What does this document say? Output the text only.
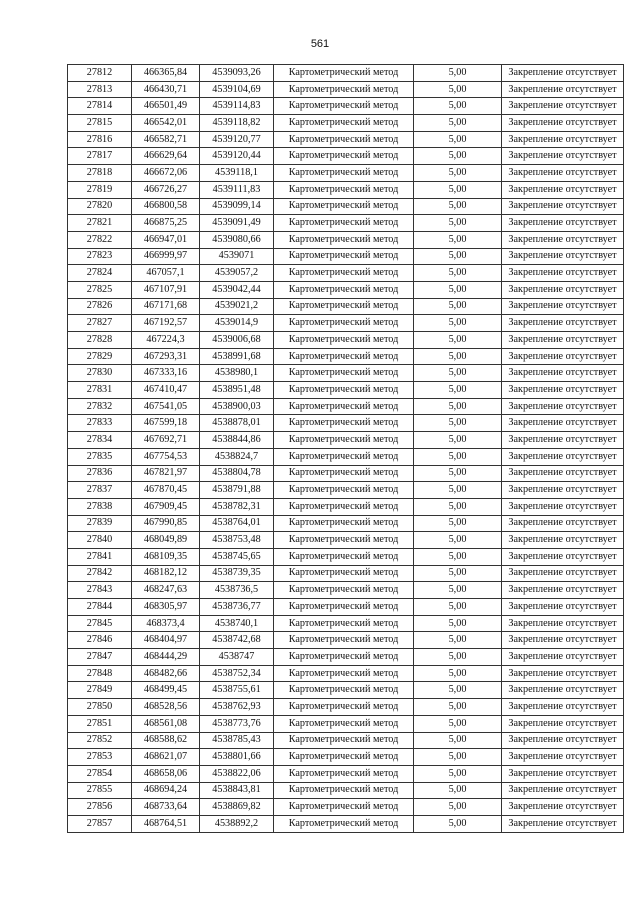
561
27812	466365,84	4539093,26	Картометрический метод	5,00	Закрепление отсутствует
27813	466430,71	4539104,69	Картометрический метод	5,00	Закрепление отсутствует
27814	466501,49	4539114,83	Картометрический метод	5,00	Закрепление отсутствует
27815	466542,01	4539118,82	Картометрический метод	5,00	Закрепление отсутствует
27816	466582,71	4539120,77	Картометрический метод	5,00	Закрепление отсутствует
27817	466629,64	4539120,44	Картометрический метод	5,00	Закрепление отсутствует
27818	466672,06	4539118,1	Картометрический метод	5,00	Закрепление отсутствует
27819	466726,27	4539111,83	Картометрический метод	5,00	Закрепление отсутствует
27820	466800,58	4539099,14	Картометрический метод	5,00	Закрепление отсутствует
27821	466875,25	4539091,49	Картометрический метод	5,00	Закрепление отсутствует
27822	466947,01	4539080,66	Картометрический метод	5,00	Закрепление отсутствует
27823	466999,97	4539071	Картометрический метод	5,00	Закрепление отсутствует
27824	467057,1	4539057,2	Картометрический метод	5,00	Закрепление отсутствует
27825	467107,91	4539042,44	Картометрический метод	5,00	Закрепление отсутствует
27826	467171,68	4539021,2	Картометрический метод	5,00	Закрепление отсутствует
27827	467192,57	4539014,9	Картометрический метод	5,00	Закрепление отсутствует
27828	467224,3	4539006,68	Картометрический метод	5,00	Закрепление отсутствует
27829	467293,31	4538991,68	Картометрический метод	5,00	Закрепление отсутствует
27830	467333,16	4538980,1	Картометрический метод	5,00	Закрепление отсутствует
27831	467410,47	4538951,48	Картометрический метод	5,00	Закрепление отсутствует
27832	467541,05	4538900,03	Картометрический метод	5,00	Закрепление отсутствует
27833	467599,18	4538878,01	Картометрический метод	5,00	Закрепление отсутствует
27834	467692,71	4538844,86	Картометрический метод	5,00	Закрепление отсутствует
27835	467754,53	4538824,7	Картометрический метод	5,00	Закрепление отсутствует
27836	467821,97	4538804,78	Картометрический метод	5,00	Закрепление отсутствует
27837	467870,45	4538791,88	Картометрический метод	5,00	Закрепление отсутствует
27838	467909,45	4538782,31	Картометрический метод	5,00	Закрепление отсутствует
27839	467990,85	4538764,01	Картометрический метод	5,00	Закрепление отсутствует
27840	468049,89	4538753,48	Картометрический метод	5,00	Закрепление отсутствует
27841	468109,35	4538745,65	Картометрический метод	5,00	Закрепление отсутствует
27842	468182,12	4538739,35	Картометрический метод	5,00	Закрепление отсутствует
27843	468247,63	4538736,5	Картометрический метод	5,00	Закрепление отсутствует
27844	468305,97	4538736,77	Картометрический метод	5,00	Закрепление отсутствует
27845	468373,4	4538740,1	Картометрический метод	5,00	Закрепление отсутствует
27846	468404,97	4538742,68	Картометрический метод	5,00	Закрепление отсутствует
27847	468444,29	4538747	Картометрический метод	5,00	Закрепление отсутствует
27848	468482,66	4538752,34	Картометрический метод	5,00	Закрепление отсутствует
27849	468499,45	4538755,61	Картометрический метод	5,00	Закрепление отсутствует
27850	468528,56	4538762,93	Картометрический метод	5,00	Закрепление отсутствует
27851	468561,08	4538773,76	Картометрический метод	5,00	Закрепление отсутствует
27852	468588,62	4538785,43	Картометрический метод	5,00	Закрепление отсутствует
27853	468621,07	4538801,66	Картометрический метод	5,00	Закрепление отсутствует
27854	468658,06	4538822,06	Картометрический метод	5,00	Закрепление отсутствует
27855	468694,24	4538843,81	Картометрический метод	5,00	Закрепление отсутствует
27856	468733,64	4538869,82	Картометрический метод	5,00	Закрепление отсутствует
27857	468764,51	4538892,2	Картометрический метод	5,00	Закрепление отсутствует
